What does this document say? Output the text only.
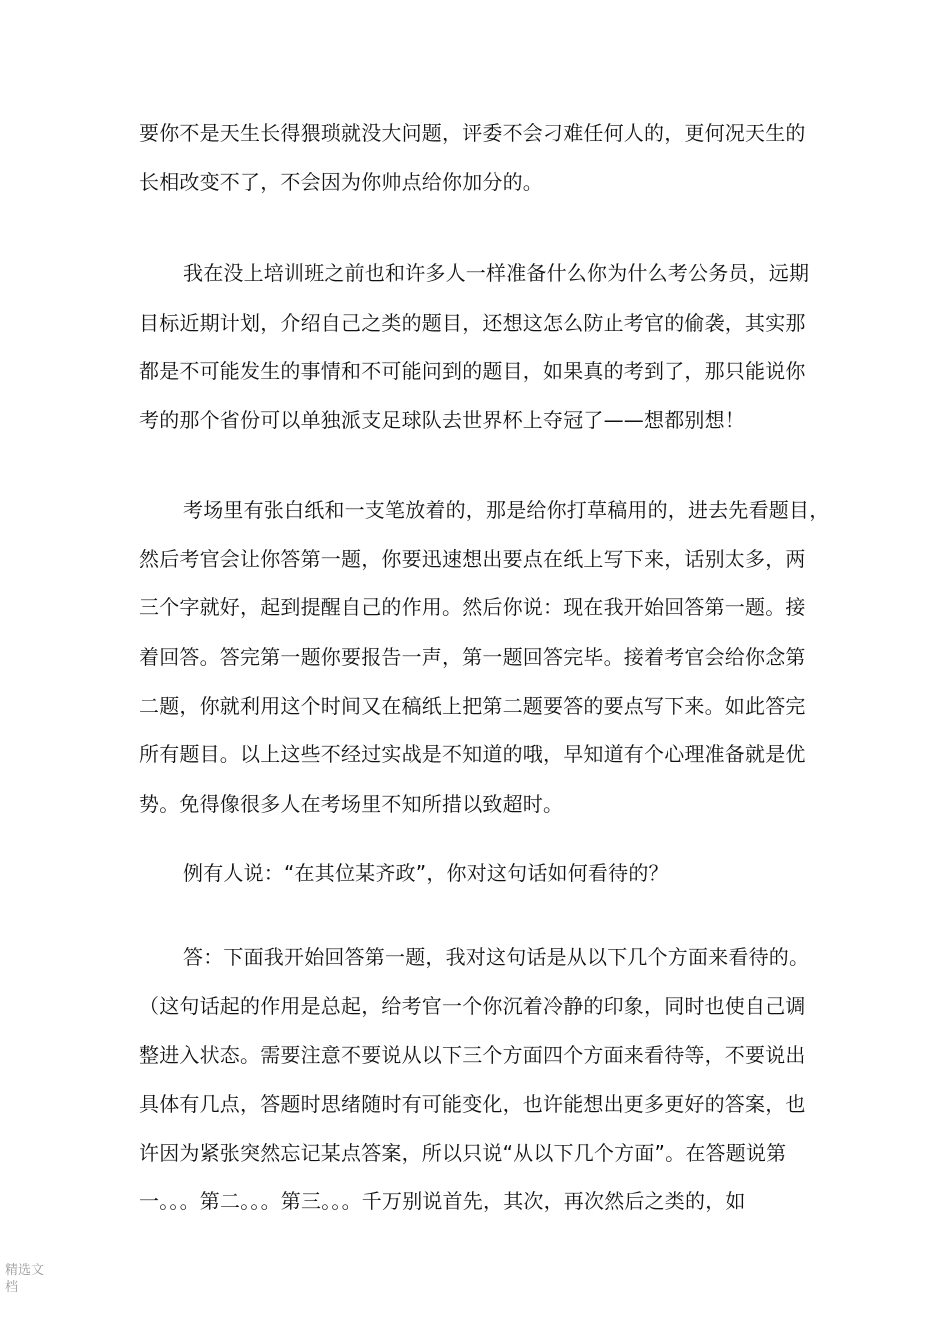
要你不是天生长得猥琐就没大问题，评委不会刁难任何人的，更何况天生的
长相改变不了，不会因为你帅点给你加分的。
我在没上培训班之前也和许多人一样准备什么你为什么考公务员，远期
目标近期计划，介绍自己之类的题目，还想这怎么防止考官的偷袭，其实那
都是不可能发生的事情和不可能问到的题目，如果真的考到了，那只能说你
考的那个省份可以单独派支足球队去世界杯上夺冠了——想都别想！
考场里有张白纸和一支笔放着的，那是给你打草稿用的，进去先看题目，
然后考官会让你答第一题，你要迅速想出要点在纸上写下来，话别太多，两
三个字就好，起到提醒自己的作用。然后你说：现在我开始回答第一题。接
着回答。答完第一题你要报告一声，第一题回答完毕。接着考官会给你念第
二题，你就利用这个时间又在稿纸上把第二题要答的要点写下来。如此答完
所有题目。以上这些不经过实战是不知道的哦，早知道有个心理准备就是优
势。免得像很多人在考场里不知所措以致超时。
例有人说：“在其位某齐政”，你对这句话如何看待的？
答：下面我开始回答第一题，我对这句话是从以下几个方面来看待的。
（这句话起的作用是总起，给考官一个你沉着冷静的印象，同时也使自己调
整进入状态。需要注意不要说从以下三个方面四个方面来看待等，不要说出
具体有几点，答题时思绪随时有可能变化，也许能想出更多更好的答案，也
许因为紧张突然忘记某点答案，所以只说“从以下几个方面”。在答题说第
一。。。第二。。。第三。。。千万别说首先，其次，再次然后之类的，如
精选文档
